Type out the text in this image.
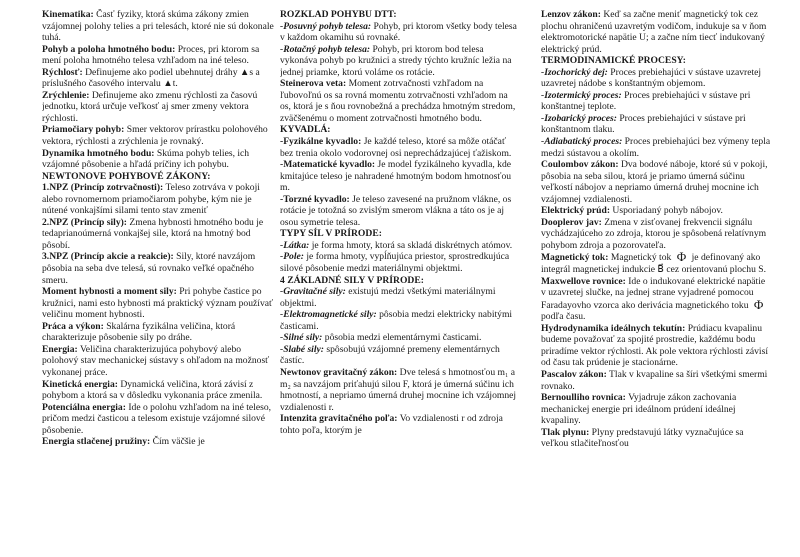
Kinematika: Časť fyziky, ktorá skúma zákony zmien vzájomnej polohy telies a pri telesách, ktoré nie sú dokonale tuhá.

Pohyb a poloha hmotného bodu: Proces, pri ktorom sa mení poloha hmotného telesa vzhľadom na iné teleso.

Rýchlosť: Definujeme ako podiel ubehnutej dráhy ▲s a príslušného časového intervalu ▲t.

Zrýchlenie: Definujeme ako zmenu rýchlosti za časovú jednotku, ktorá určuje veľkosť aj smer zmeny vektora rýchlosti.

Priamočiary pohyb: Smer vektorov prírastku polohového vektora, rýchlosti a zrýchlenia je rovnaký.

Dynamika hmotného bodu: Skúma pohyb telies, ich vzájomné pôsobenie a hľadá príčiny ich pohybu.

NEWTONOVE POHYBOVÉ ZÁKONY:

1.NPZ (Princíp zotrvačnosti): Teleso zotrváva v pokoji alebo rovnomernom priamočiarom pohybe, kým nie je nútené vonkajšími silami tento stav zmeniť

2.NPZ (Princíp sily): Zmena hybnosti hmotného bodu je tedaprianoúmerná vonkajšej sile, ktorá na hmotný bod pôsobí.

3.NPZ (Princíp akcie a reakcie): Sily, ktoré navzájom pôsobia na seba dve telesá, sú rovnako veľké opačného smeru.

Moment hybnosti a moment sily: Pri pohybe častice po kružnici, nami esto hybnosti má praktický význam používať veličinu moment hybnosti.

Práca a výkon: Skalárna fyzikálna veličina, ktorá charakterizuje pôsobenie sily po dráhe.

Energia: Veličina charakterizujúca pohybový alebo polohový stav mechanickej sústavy s ohľadom na možnosť vykonanej práce.

Kinetická energia: Dynamická veličina, ktorá závisí z pohybom a ktorá sa v dôsledku vykonania práce zmenila.

Potenciálna energia: Ide o polohu vzhľadom na iné teleso, pričom medzi časticou a telesom existuje vzájomné silové pôsobenie.

Energia stlačenej pružiny: Čím väčšie je

ROZKLAD POHYBU DTT:

-Posuvný pohyb telesa: Pohyb, pri ktorom všetky body telesa v každom okamihu sú rovnaké.

-Rotačný pohyb telesa: Pohyb, pri ktorom bod telesa vykonáva pohyb po kružnici a stredy týchto kružníc ležia na jednej priamke, ktorú voláme os rotácie.

Steinerova veta: Moment zotrvačnosti vzhľadom na ľubovoľnú os sa rovná momentu zotrvačnosti vzhľadom na os, ktorá je s ňou rovnobežná a prechádza hmotným stredom, zväčšenému o moment zotrvačnosti hmotného bodu.

KYVADLÁ:

-Fyzikálne kyvadlo: Je každé teleso, ktoré sa môže otáčať bez trenia okolo vodorovnej osi neprechádzajúcej ťažiskom.

-Matematické kyvadlo: Je model fyzikálneho kyvadla, kde kmitajúce teleso je nahradené hmotným bodom hmotnosťou m.

-Torzné kyvadlo: Je teleso zavesené na pružnom vlákne, os rotácie je totožná so zvislým smerom vlákna a táto os je aj osou symetrie telesa.

TYPY SÍL V PRÍRODE:

-Látka: je forma hmoty, ktorá sa skladá diskrétnych atómov.

-Pole: je forma hmoty, vypĺňujúca priestor, sprostredkujúca silové pôsobenie medzi materiálnymi objektmi.

4 ZÁKLADNÉ SILY V PRÍRODE:

-Gravitačné sily: existujú medzi všetkými materiálnymi objektmi.

-Elektromagnetické sily: pôsobia medzi elektricky nabitými časticami.

-Silné sily: pôsobia medzi elementárnymi časticami.

-Slabé sily: spôsobujú vzájomné premeny elementárnych častíc.

Newtonov gravitačný zákon: Dve telesá s hmotnosťou m₁ a m₂ sa navzájom priťahujú silou F, ktorá je úmerná súčinu ich hmotností, a nepriamo úmerná druhej mocnine ich vzájomnej vzdialenosti r.

Intenzita gravitačného poľa: Vo vzdialenosti r od zdroja tohto poľa, ktorým je

Lenzov zákon: Keď sa začne meniť magnetický tok cez plochu ohraničenú uzavretým vodičom, indukuje sa v ňom elektromotorické napätie U; a začne ním tiecť indukovaný elektrický prúd.

TERMODINAMICKÉ PROCESY:

-Izochorický dej: Proces prebiehajúci v sústave uzavretej uzavretej nádobe s konštantným objemom.

-Izotermický proces: Proces prebiehajúci v sústave pri konštantnej teplote.

-Izobarický proces: Proces prebiehajúci v sústave pri konštantnom tlaku.

-Adiabatický proces: Proces prebiehajúci bez výmeny tepla medzi sústavou a okolím.

Coulombov zákon: Dva bodové náboje, ktoré sú v pokoji, pôsobia na seba silou, ktorá je priamo úmerná súčinu veľkostí nábojov a nepriamo úmerná druhej mocnine ich vzájomnej vzdialenosti.

Elektrický prúd: Usporiadaný pohyb nábojov.

Dooplerov jav: Zmena v zisťovanej frekvencii signálu vychádzajúceho zo zdroja, ktorou je spôsobená relatívnym pohybom zdroja a pozorovateľa.

Magnetický tok: Magnetický tok Φ je definovaný ako integrál magnetickej indukcie B⃗ cez orientovanú plochu S.

Maxwellove rovnice: Ide o indukované elektrické napätie v uzavretej slučke, na jednej strane vyjadrené pomocou Faradayovho vzorca ako derivácia magnetického toku Φ podľa času.

Hydrodynamika ideálnych tekutín: Prúdiacu kvapalinu budeme považovať za spojité prostredie, každému bodu priradíme vektor rýchlosti. Ak pole vektora rýchlosti závisí od času tak prúdenie je stacionárne.

Pascalov zákon: Tlak v kvapaline sa šíri všetkými smermi rovnako.

Bernoulliho rovnica: Vyjadruje zákon zachovania mechanickej energie pri ideálnom prúdení ideálnej kvapaliny.

Tlak plynu: Plyny predstavujú látky vyznačujúce sa veľkou stlačiteľnosťou
